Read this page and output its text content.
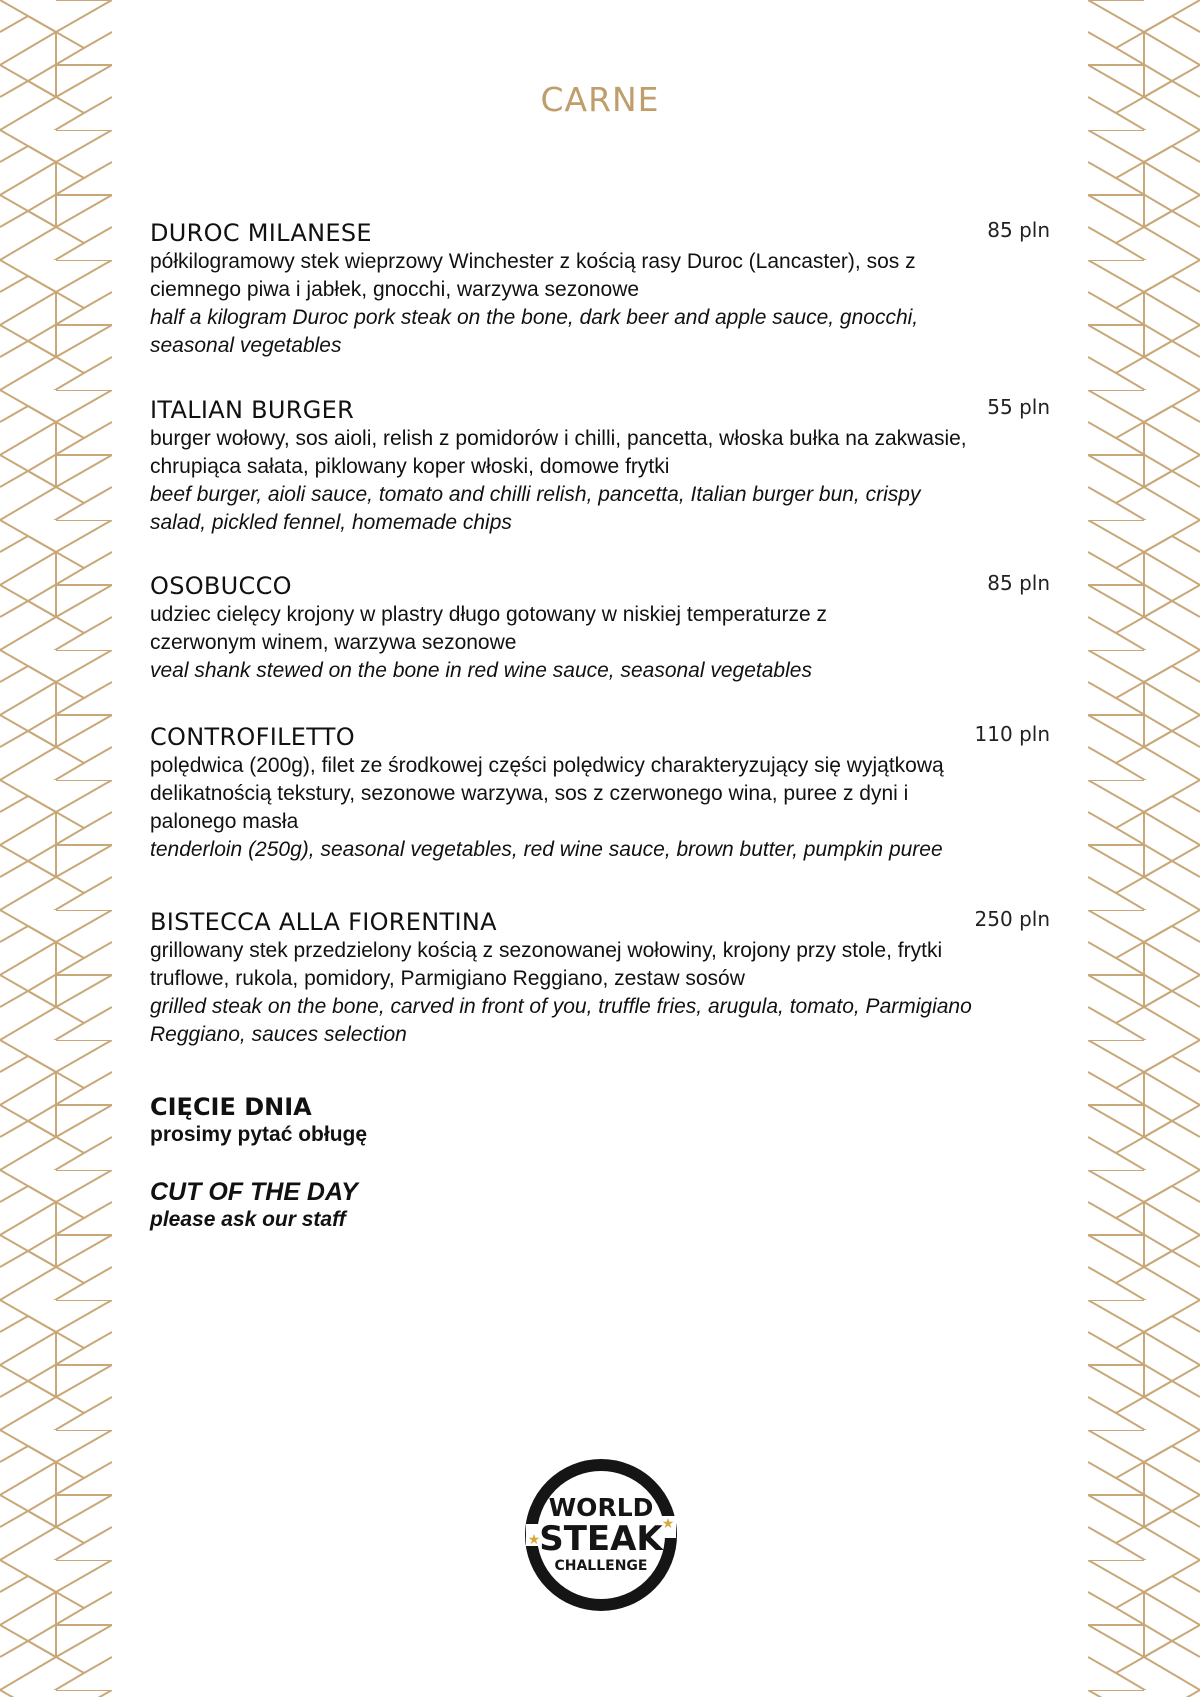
CARNE
DUROC MILANESE	85 pln

półkilogramowy stek wieprzowy Winchester z kością rasy Duroc (Lancaster), sos z ciemnego piwa i jabłek, gnocchi, warzywa sezonowe

half a kilogram Duroc pork steak on the bone, dark beer and apple sauce, gnocchi, seasonal vegetables

ITALIAN BURGER	55 pln

burger wołowy, sos aioli, relish z pomidorów i chilli, pancetta, włoska bułka na zakwasie, chrupiąca sałata, piklowany koper włoski, domowe frytki

beef burger, aioli sauce, tomato and chilli relish, pancetta, Italian burger bun, crispy salad, pickled fennel, homemade chips

OSOBUCCO	85 pln

udziec cielęcy krojony w plastry długo gotowany w niskiej temperaturze z czerwonym winem, warzywa sezonowe

veal shank stewed on the bone in red wine sauce, seasonal vegetables

CONTROFILETTO	110 pln

polędwica (200g), filet ze środkowej części polędwicy charakteryzujący się wyjątkową delikatnością tekstury, sezonowe warzywa, sos z czerwonego wina, puree z dyni i palonego masła

tenderloin (250g), seasonal vegetables, red wine sauce, brown butter, pumpkin puree

BISTECCA ALLA FIORENTINA	250 pln

grillowany stek przedzielony kością z sezonowanej wołowiny, krojony przy stole, frytki truflowe, rukola, pomidory, Parmigiano Reggiano, zestaw sosów

grilled steak on the bone, carved in front of you, truffle fries, arugula, tomato, Parmigiano Reggiano, sauces selection

CIĘCIE DNIA

prosimy pytać obługę

CUT OF THE DAY

please ask our staff

WORLD
STEAK
CHALLENGE
★
★
